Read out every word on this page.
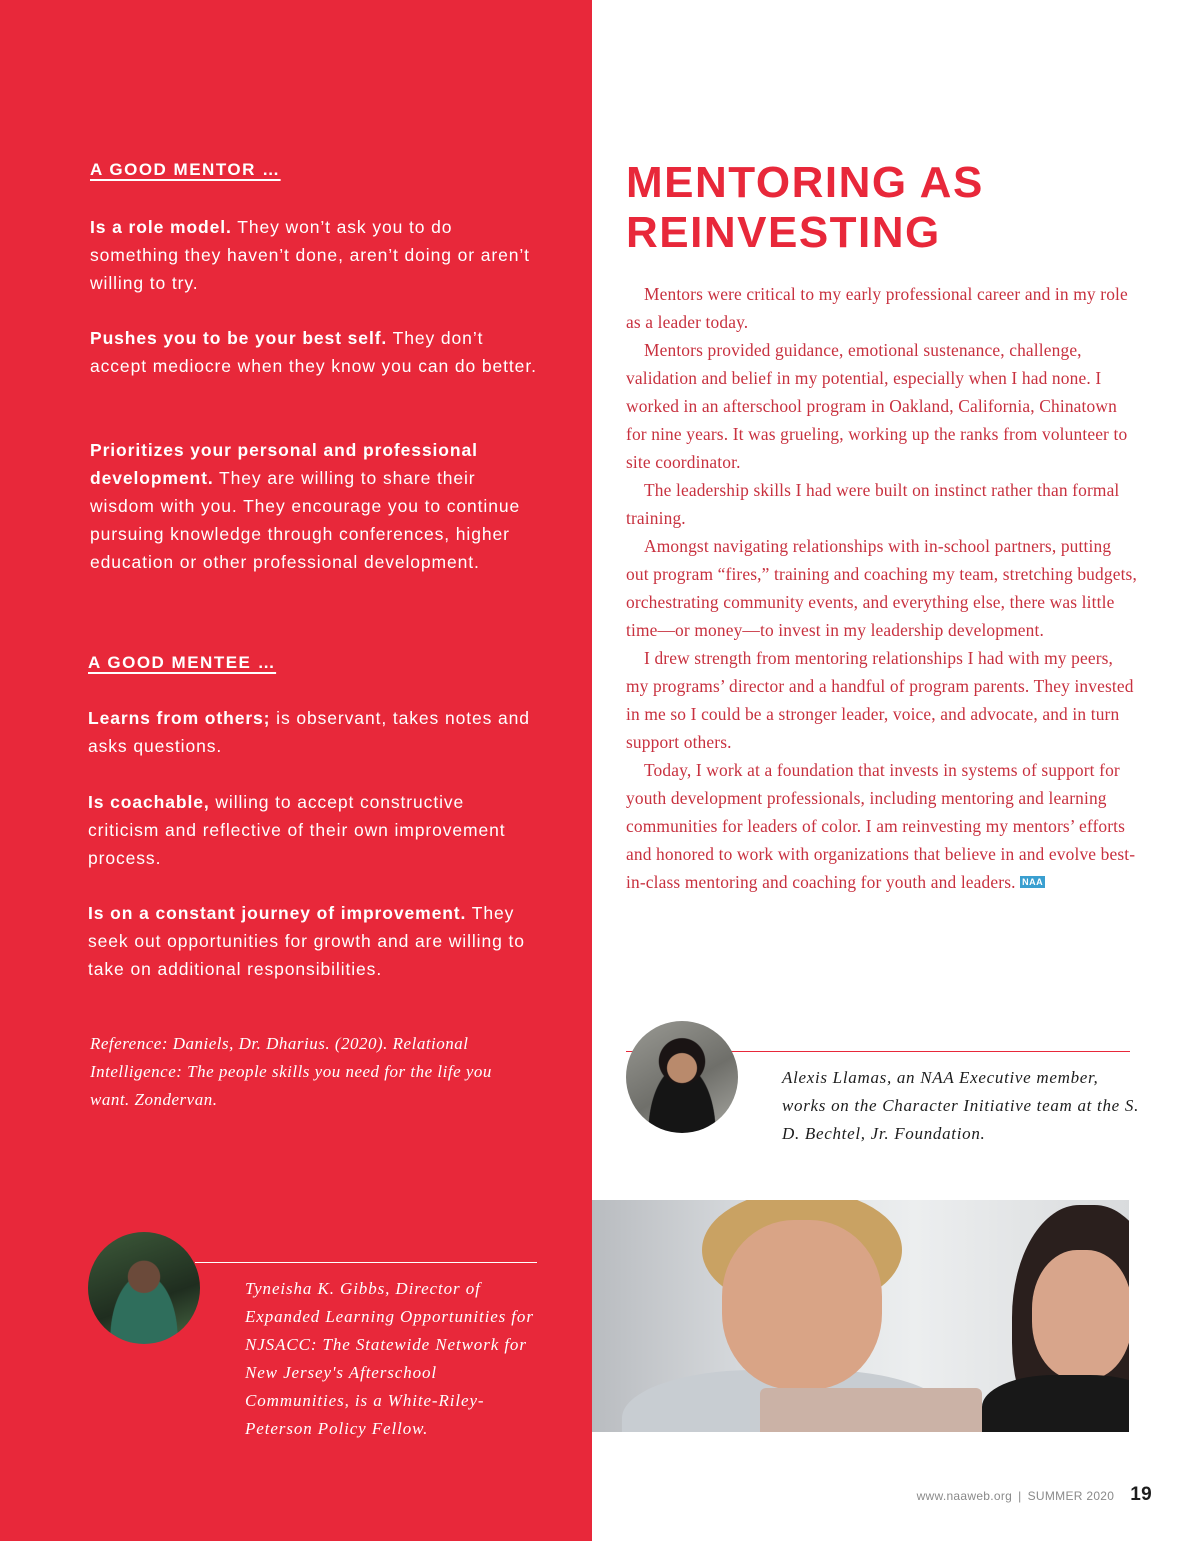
A GOOD MENTOR …
Is a role model. They won’t ask you to do something they haven’t done, aren’t doing or aren’t willing to try.
Pushes you to be your best self. They don’t accept mediocre when they know you can do better.
Prioritizes your personal and professional development. They are willing to share their wisdom with you. They encourage you to continue pursuing knowledge through conferences, higher education or other professional development.
A GOOD MENTEE …
Learns from others; is observant, takes notes and asks questions.
Is coachable, willing to accept constructive criticism and reflective of their own improvement process.
Is on a constant journey of improvement. They seek out opportunities for growth and are willing to take on additional responsibilities.
Reference: Daniels, Dr. Dharius. (2020). Relational Intelligence: The people skills you need for the life you want. Zondervan.
Tyneisha K. Gibbs, Director of Expanded Learning Opportunities for NJSACC: The Statewide Network for New Jersey's Afterschool Communities, is a White-Riley-Peterson Policy Fellow.
MENTORING AS
REINVESTING

Mentors were critical to my early professional career and in my role as a leader today.

Mentors provided guidance, emotional sustenance, challenge, validation and belief in my potential, especially when I had none. I worked in an afterschool program in Oakland, California, Chinatown for nine years. It was grueling, working up the ranks from volunteer to site coordinator.

The leadership skills I had were built on instinct rather than formal training.

Amongst navigating relationships with in-school partners, putting out program “fires,” training and coaching my team, stretching budgets, orchestrating community events, and everything else, there was little time—or money—to invest in my leadership development.

I drew strength from mentoring relationships I had with my peers, my programs’ director and a handful of program parents. They invested in me so I could be a stronger leader, voice, and advocate, and in turn support others.

Today, I work at a foundation that invests in systems of support for youth development professionals, including mentoring and learning communities for leaders of color. I am reinvesting my mentors’ efforts and honored to work with organizations that believe in and evolve best-in-class mentoring and coaching for youth and leaders. NAA

Alexis Llamas, an NAA Executive member, works on the Character Initiative team at the S. D. Bechtel, Jr. Foundation.
www.naaweb.org | SUMMER 2020 19
